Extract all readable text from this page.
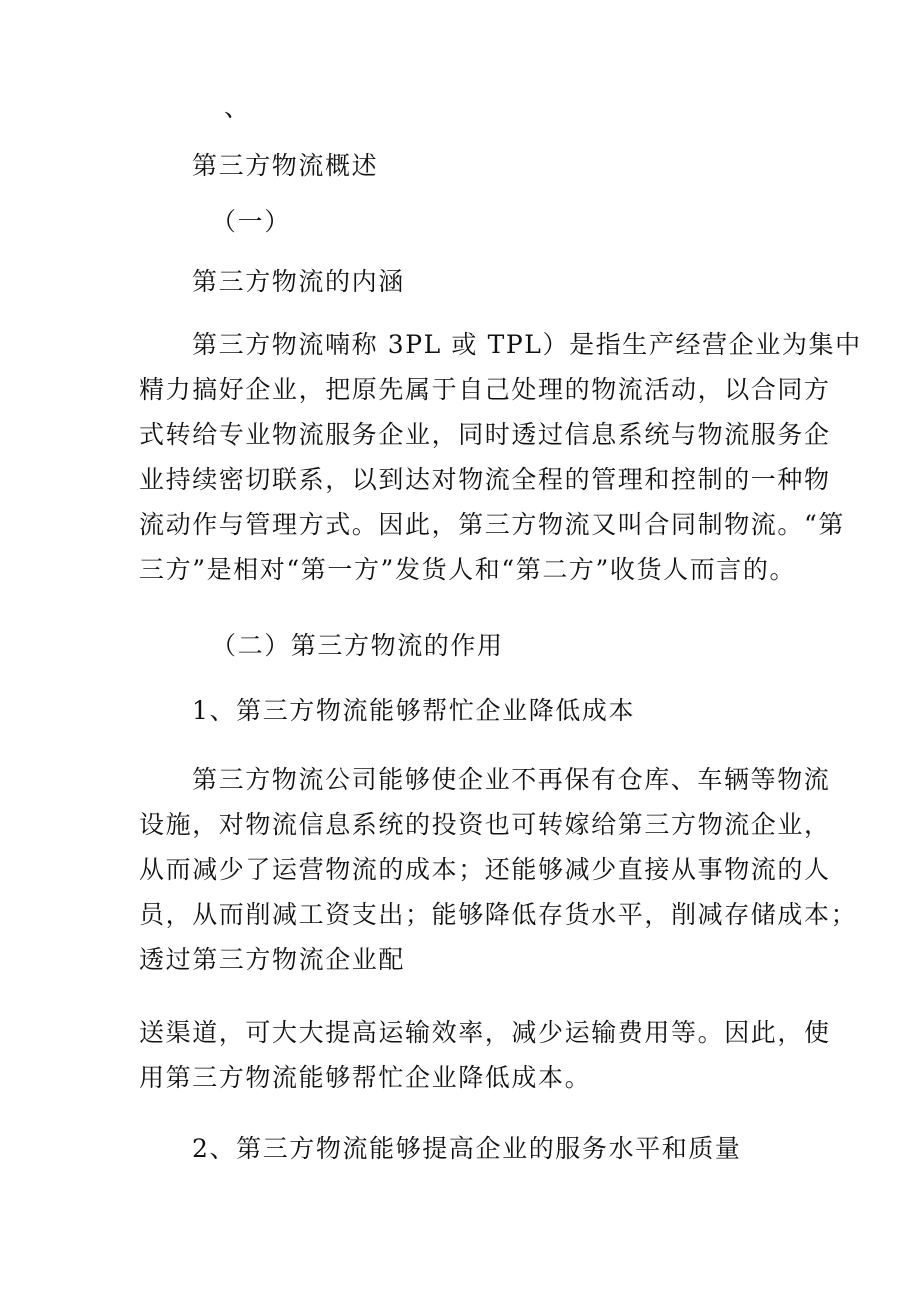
、
第三方物流概述
（一）
第三方物流的内涵

第三方物流喃称 3PL 或 TPL）是指生产经营企业为集中

精力搞好企业，把原先属于自己处理的物流活动，以合同方

式转给专业物流服务企业，同时透过信息系统与物流服务企

业持续密切联系，以到达对物流全程的管理和控制的一种物

流动作与管理方式。因此，第三方物流又叫合同制物流。“第

三方”是相对“第一方”发货人和“第二方”收货人而言的。

（二）第三方物流的作用
1、第三方物流能够帮忙企业降低成本

第三方物流公司能够使企业不再保有仓库、车辆等物流

设施，对物流信息系统的投资也可转嫁给第三方物流企业，

从而减少了运营物流的成本；还能够减少直接从事物流的人

员，从而削减工资支出；能够降低存货水平，削减存储成本；

透过第三方物流企业配

送渠道，可大大提高运输效率，减少运输费用等。因此，使

用第三方物流能够帮忙企业降低成本。

2、第三方物流能够提高企业的服务水平和质量
